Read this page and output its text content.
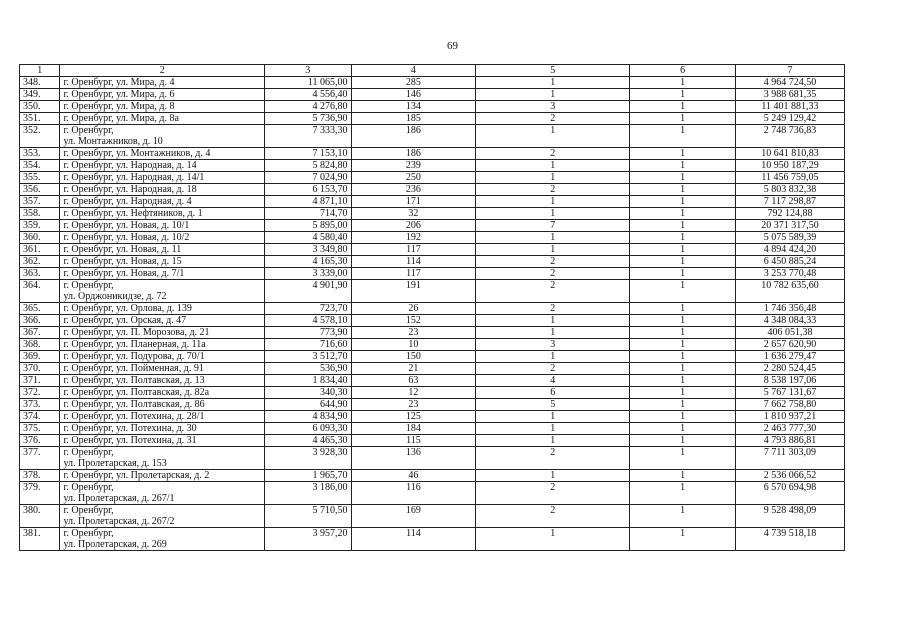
69
1	2	3	4	5	6	7
348.	г. Оренбург, ул. Мира, д. 4	11 065,00	285	1	1	4 964 724,50
349.	г. Оренбург, ул. Мира, д. 6	4 556,40	146	1	1	3 988 681,35
350.	г. Оренбург, ул. Мира, д. 8	4 276,80	134	3	1	11 401 881,33
351.	г. Оренбург, ул. Мира, д. 8а	5 736,90	185	2	1	5 249 129,42
352.	г. Оренбург,
ул. Монтажников, д. 10	7 333,30	186	1	1	2 748 736,83
353.	г. Оренбург, ул. Монтажников, д. 4	7 153,10	186	2	1	10 641 810,83
354.	г. Оренбург, ул. Народная, д. 14	5 824,80	239	1	1	10 950 187,29
355.	г. Оренбург, ул. Народная, д. 14/1	7 024,90	250	1	1	11 456 759,05
356.	г. Оренбург, ул. Народная, д. 18	6 153,70	236	2	1	5 803 832,38
357.	г. Оренбург, ул. Народная, д. 4	4 871,10	171	1	1	7 117 298,87
358.	г. Оренбург, ул. Нефтяников, д. 1	714,70	32	1	1	792 124,88
359.	г. Оренбург, ул. Новая, д. 10/1	5 895,00	206	7	1	20 371 317,50
360.	г. Оренбург, ул. Новая, д. 10/2	4 580,40	192	1	1	5 075 589,39
361.	г. Оренбург, ул. Новая, д. 11	3 349,80	117	1	1	4 894 424,20
362.	г. Оренбург, ул. Новая, д. 15	4 165,30	114	2	1	6 450 885,24
363.	г. Оренбург, ул. Новая, д. 7/1	3 339,00	117	2	1	3 253 770,48
364.	г. Оренбург,
ул. Орджоникидзе, д. 72	4 901,90	191	2	1	10 782 635,60
365.	г. Оренбург, ул. Орлова, д. 139	723,70	26	2	1	1 746 356,48
366.	г. Оренбург, ул. Орская, д. 47	4 578,10	152	1	1	4 348 084,33
367.	г. Оренбург, ул. П. Морозова, д. 21	773,90	23	1	1	406 051,38
368.	г. Оренбург, ул. Планерная, д. 11а	716,60	10	3	1	2 657 620,90
369.	г. Оренбург, ул. Подурова, д. 70/1	3 512,70	150	1	1	1 636 279,47
370.	г. Оренбург, ул. Пойменная, д. 91	536,90	21	2	1	2 280 524,45
371.	г. Оренбург, ул. Полтавская, д. 13	1 834,40	63	4	1	8 538 197,06
372.	г. Оренбург, ул. Полтавская, д. 82а	340,30	12	6	1	5 767 131,67
373.	г. Оренбург, ул. Полтавская, д. 86	644,90	23	5	1	7 662 758,80
374.	г. Оренбург, ул. Потехина, д. 28/1	4 834,90	125	1	1	1 810 937,21
375.	г. Оренбург, ул. Потехина, д. 30	6 093,30	184	1	1	2 463 777,30
376.	г. Оренбург, ул. Потехина, д. 31	4 465,30	115	1	1	4 793 886,81
377.	г. Оренбург,
ул. Пролетарская, д. 153	3 928,30	136	2	1	7 711 303,09
378.	г. Оренбург, ул. Пролетарская, д. 2	1 965,70	46	1	1	2 536 066,52
379.	г. Оренбург,
ул. Пролетарская, д. 267/1	3 186,00	116	2	1	6 570 694,98
380.	г. Оренбург,
ул. Пролетарская, д. 267/2	5 710,50	169	2	1	9 528 498,09
381.	г. Оренбург,
ул. Пролетарская, д. 269	3 957,20	114	1	1	4 739 518,18
